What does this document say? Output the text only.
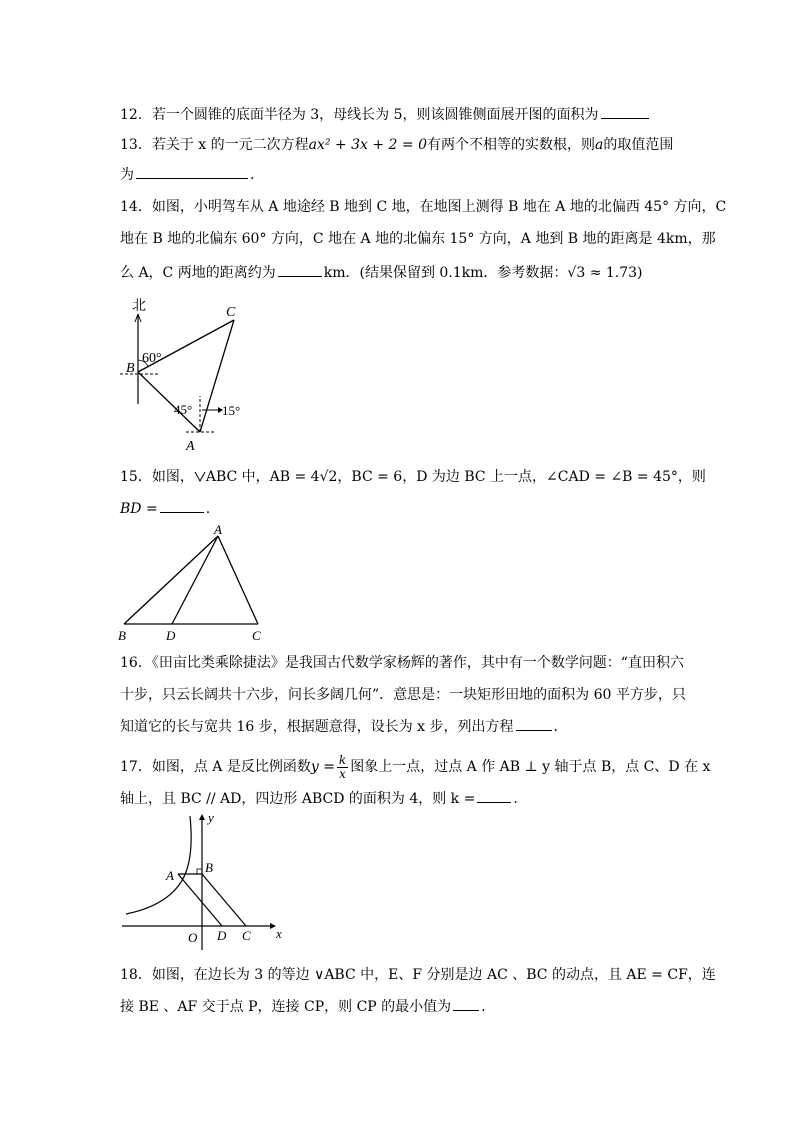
12．若一个圆锥的底面半径为 3，母线长为 5，则该圆锥侧面展开图的面积为
13．若关于 x 的一元二次方程ax² + 3x + 2 = 0有两个不相等的实数根，则a的取值范围
为	.
14．如图，小明驾车从 A 地途经 B 地到 C 地，在地图上测得 B 地在 A 地的北偏西 45° 方向，C
地在 B 地的北偏东 60° 方向，C 地在 A 地的北偏东 15° 方向，A 地到 B 地的距离是 4km，那
么 A，C 两地的距离约为	km．(结果保留到 0.1km．参考数据：√3 ≈ 1.73)
北	C
B
60°
45° 15°
A
15．如图， ABC 中，AB = 4√2，BC = 6，D 为边 BC 上一点，∠CAD = ∠B = 45°，则
BD =	.
A
B	D	C
16．《田亩比类乘除捷法》是我国古代数学家杨辉的著作，其中有一个数学问题：“直田积六
十步，只云长阔共十六步，问长多阔几何”．意思是：一块矩形田地的面积为 60 平方步，只
知道它的长与宽共 16 步，根据题意得，设长为 x 步，列出方程	.
17．如图，点 A 是反比例函数$y = \frac{k}{x}$ 图象上一点，过点 A 作 AB ⊥ y 轴于点 B，点 C、D 在 x
轴上，且 BC // AD，四边形 ABCD 的面积为 4，则 k =	.
y
x
A
B
O D C
18．如图，在边长为 3 的等边 ∨ABC 中，E、F 分别是边 AC 、BC 的动点，且 AE = CF，连
接 BE 、AF 交于点 P，连接 CP，则 CP 的最小值为 .
